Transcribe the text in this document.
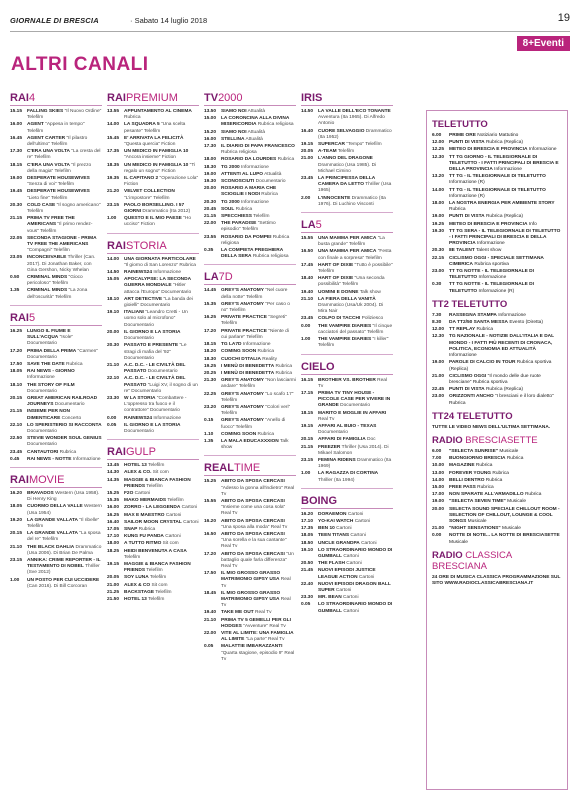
GIORNALE DI BRESCIA	· Sabato 14 luglio 2018	19
8+Eventi
ALTRI CANALI
RAI4
15.15	FALLING SKIES "Il Nuovo Ordine" Telefilm
16.00	AGENT "Appesa in tempo" Telefilm
16.45	AGENT CARTER "Il pilastro dell'ultimo" Telefilm
17.30	C'ERA UNA VOLTA "La cresta del re" Telefilm
18.15	C'ERA UNA VOLTA "Il prezzo della magia" Telefilm
19.00	DESPERATE HOUSEWIVES "Senza di voi" Telefilm
19.45	DESPERATE HOUSEWIVES "Lieto fine" Telefilm
20.30	COLD CASE "Il sogno americano" Telefilm
21.15	PRIMA TV FREE THE AMERICANS "Il primo rendez-vous" Telefilm
22.05	SECONDA STAGIONE - PRIMA TV FREE THE AMERICANS "Compagni" Telefilm
23.05	INCONCEIVABLE Thriller (Can. 2017). Di Jonathan Baker, con Gina Gershon, Nicky Whelan
0.50	CRIMINAL MINDS "Gioco pericoloso" Telefilm
1.35	CRIMINAL MINDS "La zona dell'oscurità" Telefilm
RAI5
16.25	LUNGO IL FIUME E SULL'ACQUA "Isole" Documentario
17.20	PRIMA DELLA PRIMA "Carmen" Documentario
17.50	SAVE THE DATE Rubrica
18.05	RAI NEWS - GIORNO Informazione
18.10	THE STORY OF FILM Documentario
20.15	GREAT AMERICAN RAILROAD JOURNEYS Documentario
21.15	INSIEME PER NON DIMENTICARE Concerto
22.10	LO SPERISTERIO SI RACCONTA Documentario
22.50	STEVIE WONDER SOUL GENIUS Documentario
23.45	CANTAUTORI Rubrica
0.45	RAI NEWS - NOTTE Informazione
RAIMOVIE
16.20	BRAVADOS Western (Usa 1958). Di Henry King
18.05	CUORMO DELLA VALLE Western (Usa 1954)
19.20	LA GRANDE VALLATA "Il ribelle" Telefilm
20.15	LA GRANDE VALLATA "La sposa del re" Telefilm
21.10	THE BLACK DAHLIA Drammatico (Usa 2006). Di Brian De Palma
23.15	ANNIKA: CRIME REPORTER - IL TESTAMENTO DI NOBEL Thriller (Sve 2012)
1.00	UN POSTO PER CUI UCCIDERE (Can 2016). Di Bill Corcoran
RAIPREMIUM
13.55	APPUNTAMENTO AL CINEMA Rubrica
14.00	LA SQUADRA 5 "Una scelta pesante" Telefilm
15.45	E' ARRIVATA LA FELICITÀ "Questa quercia" Fiction
17.35	UN MEDICO IN FAMIGLIA 10 "Ancora insieme" Fiction
18.35	UN MEDICO IN FAMIGLIA 10 "Ti regalo un sogno" Fiction
19.35	IL CAPITANO 2 "Operazione Lola" Fiction
21.20	VELVET COLLECTION "L'impostore" Telefilm
23.15	PAOLO BORSELLINO. I 57 GIORNI Drammatico (Ita 2012)
1.00	QUESTO E IL MIO PAESE "Ho ucciso" Fiction
RAISTORIA
14.00	UNA GIORNATA PARTICOLARE "Il giorno di San Lorenzo" Rubrica
14.50	RAINEWS24 Informazione
15.05	APOCALYPSE: LA SECONDA GUERRA MONDIALE "Hitler attacca l'Europa" Documentario
18.10	ART DETECTIVE "La banda dei gioielli" Documentario
19.10	ITALIANI "Leandro Cretti - Un uomo solo al microfono" Documentario
20.00	IL GIORNO E LA STORIA Documentario
20.30	PASSATO E PRESENTE "Le stragi di mafia del '92" Documentario
21.10	A.C. D.C. - LE CIVILTÀ DEL PASSATO Documentario
22.10	A.C. D.C. - LE CIVILTÀ DEL PASSATO "Luigi XV, il sogno di un re" Documentario
23.30	W LA STORIA "Combattere - L'oppresso tra fuoco e il contrattore" Documentario
0.00	RAINEWS24 Informazione
0.05	IL GIORNO E LA STORIA Documentario
RAIGULP
13.45	HOTEL 13 Telefilm
14.30	ALEX & CO. Sit com
14.35	MAGGIE & BIANCA FASHION FRIENDS Telefilm
15.25	F2O Cartoni
15.35	MAKO MERMAIDS Telefilm
16.00	ZORRO - LA LEGGENDA Cartoni
16.25	MAX E MAESTRO Cartoni
16.40	SAILOR MOON CRYSTAL Cartoni
17.05	SNAP Rubrica
17.10	KUNG FU PANDA Cartoni
18.00	A TUTTO RITMO Sit com
18.25	HEIDI BENVENUTA A CASA Telefilm
19.15	MAGGIE & BIANCA FASHION FRIENDS Telefilm
20.05	SOY LUNA Telefilm
21.00	ALEX & CO Sit com
21.25	BACKSTAGE Telefilm
21.50	HOTEL 13 Telefilm
TV2000
13.50	SIAMO NOI Attualità
15.00	LA CORONCINA ALLA DIVINA MISERICORDIA Rubrica religiosa
15.20	SIAMO NOI Attualità
16.00	STELLINA Attualità
17.30	IL DIARIO DI PAPA FRANCESCO Rubrica religiosa
18.00	ROSARIO DA LOURDES Rubrica
18.30	TG 2000 Informazione
19.00	ATTENTI AL LUPO Attualità
19.30	SCONOSCIUTI Documentario
20.00	ROSARIO A MARIA CHE SCIOGLIE I NODI Rubrica
20.30	TG 2000 Informazione
20.45	SOUL Rubrica
21.15	SPECCHIESS Telefilm
22.00	THE PARADISE "Settimo episodio" Telefilm
23.55	ROSARIO DA POMPEI Rubrica religiosa
0.35	LA COMPIETA PREGHIERA DELLA SERA Rubrica religiosa
LA7D
14.45	GREY'S ANATOMY "Nel cuore della notte" Telefilm
15.35	GREY'S ANATOMY "Per caso o no" Telefilm
16.25	PRIVATE PRACTICE "Segreti" Telefilm
17.20	PRIVATE PRACTICE "Niente di cui parlare" Telefilm
18.15	TG LA7D Informazione
18.20	COMING SOON Rubrica
18.30	CUOCHI D'ITALIA Reality
19.25	I MENÙ DI BENEDETTA Rubrica
20.25	I MENÙ DI BENEDETTA Rubrica
21.30	GREY'S ANATOMY "Non lasciarmi andare" Telefilm
22.25	GREY'S ANATOMY "Lo scafo 17" Telefilm
23.20	GREY'S ANATOMY "Colori veri" Telefilm
0.15	GREY'S ANATOMY "Anello di fuoco" Telefilm
1.10	COMING SOON Rubrica
1.35	LA MALA EDUCAXXXION Talk show
REALTIME
15.25	ABITO DA SPOSA CERCASI "Adesso la gonna all'indietro" Real Tv
15.55	ABITO DA SPOSA CERCASI "Insieme come una cosa sola" Real Tv
16.20	ABITO DA SPOSA CERCASI "Una sposa alla moda" Real Tv
16.50	ABITO DA SPOSA CERCASI "Una sorella e la sua cantante" Real Tv
17.20	ABITO DA SPOSA CERCASI "Un battaglio quale farla differenza" Real Tv
17.50	IL MIO GROSSO GRASSO MATRIMONIO GIPSY USA Real Tv
18.45	IL MIO GROSSO GRASSO MATRIMONIO GIPSY USA Real Tv
19.40	TAKE ME OUT Real Tv
21.10	PRIMA TV 5 GEMELLI PER GLI HODGES "Avventure" Real Tv
22.00	VITE AL LIMITE: UNA FAMIGLIA AL LIMITE "La parte" Real Tv
0.05	MALATTIE IMBARAZZANTI "Quarta stagione, episodio 9" Real Tv
IRIS
14.50	LA VALLE DELL'ECO TONANTE Avventura (Ita 1965). Di Alfredo Antonio
16.40	CUORE SELVAGGIO Drammatico (Ita 1952)
19.15	SUPERCAR "Tempo" Telefilm
20.05	A-TEAM Telefilm
21.00	L'ANNO DEL DRAGONE Drammatico (Usa 1985). Di Michael Cimino
23.45	LA PRINCIPESSA DELLA CAMERA DA LETTO Thriller (Usa 1965)
2.00	L'INNOCENTE Drammatico (Ita 1976). Di Luchino Visconti
LA5
15.55	UNA MAMMA PER AMICA "La busta grande" Telefilm
16.50	UNA MAMMA PER AMICA "Festa con finale a sorpresa" Telefilm
17.45	HART OF DIXIE "Tutto è possibile" Telefilm
18.40	HART OF DIXIE "Una seconda possibilità" Telefilm
19.40	UOMINI E DONNE Talk show
21.10	LA FIERA DELLA VANITÀ Drammatico (Usa/Uk 2004). Di Mira Nair
23.45	COLPO DI TACCHI Poliziesco
0.00	THE VAMPIRE DIARIES "Il cinque cacciatori del passato" Telefilm
1.00	THE VAMPIRE DIARIES "I killer" Telefilm
CIELO
16.15	BROTHER VS. BROTHER Real Tv
17.15	PRIMA TV TINY HOUSE - PICCOLE CASE PER VIVERE IN GRANDE Documentario
18.15	MARITO E MOGLIE IN AFFARI Real Tv
19.15	AFFARI AL BUIO - TEXAS Documentario
20.15	AFFARI DI FAMIGLIA Doc
21.15	FREEZER Thriller (Usa 2014). Di Mikael Salomon
23.15	FEMINA RIDENS Drammatico (Ita 1969)
1.00	LA RAGAZZA DI CORTINA Thriller (Ita 1994)
BOING
16.20	DORAEMON Cartoni
17.10	YO-KAI WATCH Cartoni
17.35	BEN 10 Cartoni
18.05	TEEN TITANS Cartoni
18.50	UNCLE GRANDPA Cartoni
19.10	LO STRAORDINARIO MONDO DI GUMBALL Cartoni
20.50	THE FLASH Cartoni
21.45	NUOVI EPISODI JUSTICE LEAGUE ACTION Cartoni
22.40	NUOVI EPISODI DRAGON BALL SUPER Cartoni
23.30	MR. BEAN Cartoni
0.05	LO STRAORDINARIO MONDO DI GUMBALL Cartoni
TELETUTTO
6.00	PRIME ORE Notiziario Mattutino
12.00	PUNTI DI VISTA Rubrica (Replica)
12.25	METEO DI BRESCIA E PROVINCIA Informazione
12.30	TT TG GIORNO - IL TELEGIORNALE DI TELETUTTO - I FATTI PRINCIPALI DI BRESCIA E DELLA PROVINCIA Informazione
13.20	TT TG - IL TELEGIORNALE DI TELETUTTO Informazione (R)
14.00	TT TG - IL TELEGIORNALE DI TELETUTTO Informazione (R)
18.00	LA NOSTRA ENERGIA PER AMBIENTE STORY Rubrica
19.00	PUNTI DI VISTA Rubrica (Replica)
19.25	METEO DI BRESCIA E PROVINCIA Info
19.30	TT TG SERA - IL TELEGIORNALE DI TELETUTTO - I FATTI PRINCIPALI DI BRESCIA E DELLA PROVINCIA Informazione
20.30	8E TALENT Talent show
22.15	CICLISMO OGGI - SPECIALE SETTIMANA CIMBRICA Rubrica sportiva
23.00	TT TG NOTTE - IL TELEGIORNALE DI TELETUTTO Informazione
0.30	TT TG NOTTE - IL TELEGIORNALE DI TELETUTTO Informazione (R)
TT2 TELETUTTO
7.30	RASSEGNA STAMPA Informazione
8.30	DA TT2/50 SANTA MESSA Evento (Diretta)
12.00	TT REPLAY Rubrica
12.30	TG NAZIONALE - NOTIZIE DALL'ITALIA E DAL MONDO - I FATTI PIÙ RECENTI DI CRONACA, POLITICA, ECONOMIA ED ATTUALITÀ Informazione
19.00	PAROLE DI CALCIO IN TOUR Rubrica sportiva (Replica)
21.00	CICLISMO OGGI "Il mondo delle due ruote bresciane" Rubrica sportiva
22.45	PUNTI DI VISTA Rubrica (Replica)
23.00	ORIZZONTI ANCHO "I bresciani e il loro dialetto" Rubrica
TT24 TELETUTTO
TUTTE LE VIDEO NEWS DELL'ULTIMA SETTIMANA.
RADIO BRESCIASETTE
6.00	"SELECTA SUNRISE" Musicale
7.00	BUONGIORNO BRESCIA Rubrica
10.00	MAGAZINE Rubrica
13.00	FOREVER YOUNG Rubrica
14.00	BELLI DENTRO Rubrica
15.00	FREE PASS Rubrica
17.00	NON SPARATE ALL'ARMADILLO Rubrica
19.00	"SELECTA SEVEN TIME" Musicale
20.00	SELECTA SOUND SPECIALE CHILLOUT ROOM - SELECTION OF CHILLOUT, LOUNGE & COOL SONGS Musicale
21.00	"NIGHT SENSATIONS" Musicale
0.00	NOTTE DI NOTE... LA NOTTE DI BRESCIASETTE Musicale
RADIO CLASSICA BRESCIANA
24 ORE DI MUSICA CLASSICA PROGRAMMAZIONE SUL SITO WWW.RADIOCLASSICABRESCIANA.IT
